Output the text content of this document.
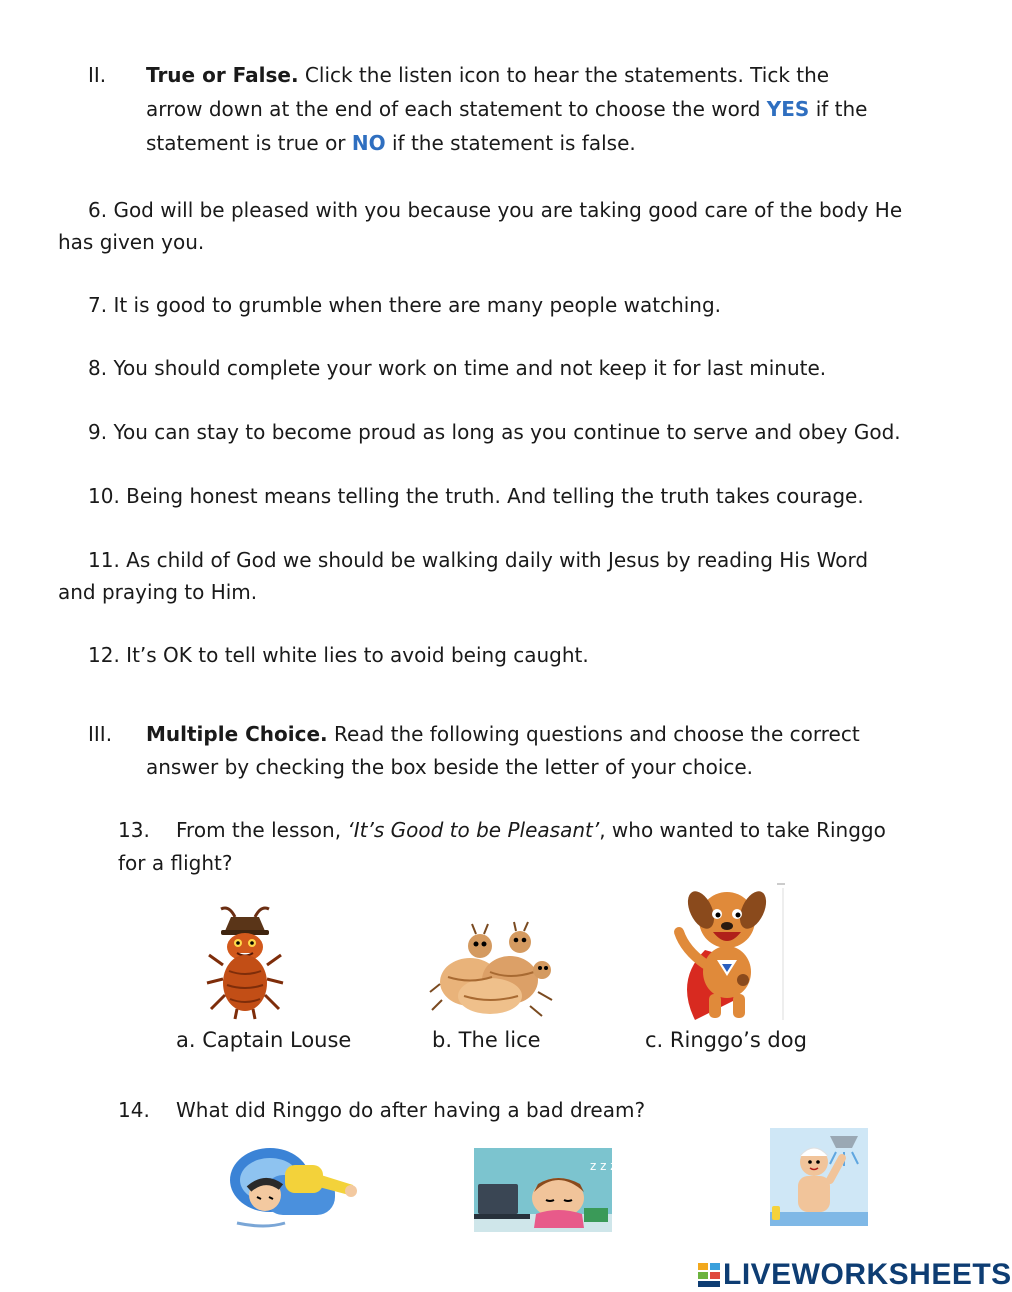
II. True or False. Click the listen icon to hear the statements. Tick the
arrow down at the end of each statement to choose the word YES if the
statement is true or NO if the statement is false.
6. God will be pleased with you because you are taking good care of the body He
has given you.
7. It is good to grumble when there are many people watching.
8. You should complete your work on time and not keep it for last minute.
9. You can stay to become proud as long as you continue to serve and obey God.
10. Being honest means telling the truth. And telling the truth takes courage.
11. As child of God we should be walking daily with Jesus by reading His Word
and praying to Him.
12. It’s OK to tell white lies to avoid being caught.
III. Multiple Choice. Read the following questions and choose the correct
answer by checking the box beside the letter of your choice.
13. From the lesson, ‘It’s Good to be Pleasant’, who wanted to take Ringgo
for a flight?
a. Captain Louse	b. The lice	c. Ringgo’s dog
14. What did Ringgo do after having a bad dream?
z z z
LIVEWORKSHEETS
